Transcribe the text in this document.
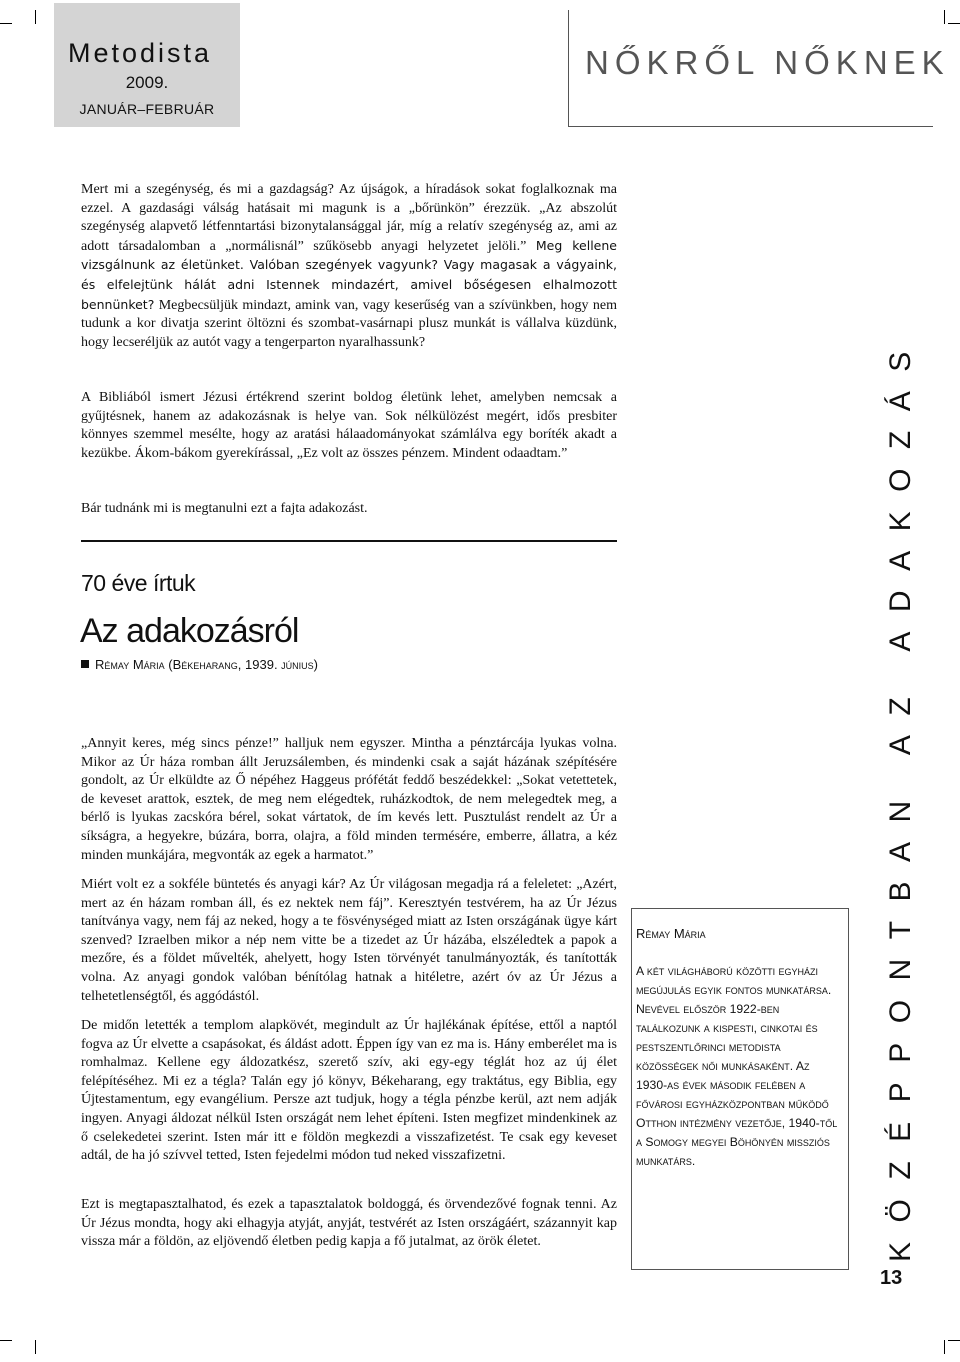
Metodista
2009.
JANUÁR–FEBRUÁR
NŐKRŐL NŐKNEK

Mert mi a szegénység, és mi a gazdagság? Az újságok, a híradások sokat foglalkoznak ma ezzel. A gazdasági válság hatásait mi magunk is a „bőrünkön” érezzük. „Az abszolút szegénység alapvető létfenntartási bizonytalansággal jár, míg a relatív szegénység az, ami az adott társadalomban a „normálisnál” szűkösebb anyagi helyzetet jelöli.” Meg kellene vizsgálnunk az életünket. Valóban szegények vagyunk? Vagy magasak a vágyaink, és elfelejtünk hálát adni Istennek mindazért, amivel bőségesen elhalmozott bennünket? Megbecsüljük mindazt, amink van, vagy keserűség van a szívünkben, hogy nem tudunk a kor divatja szerint öltözni és szombat-vasárnapi plusz munkát is vállalva küzdünk, hogy lecseréljük az autót vagy a tengerparton nyaralhassunk?

A Bibliából ismert Jézusi értékrend szerint boldog életünk lehet, amelyben nemcsak a gyűjtésnek, hanem az adakozásnak is helye van. Sok nélkülözést megért, idős presbiter könnyes szemmel mesélte, hogy az aratási hálaadományokat számlálva egy boríték akadt a kezükbe. Ákom-bákom gyerekírással, „Ez volt az összes pénzem. Mindent odaadtam.”

Bár tudnánk mi is megtanulni ezt a fajta adakozást.

70 éve írtuk
Az adakozásról
Rémay Mária (Békeharang, 1939. június)

„Annyit keres, még sincs pénze!” halljuk nem egyszer. Mintha a pénztárcája lyukas volna. Mikor az Úr háza romban állt Jeruzsálemben, és mindenki csak a saját házának szépítésére gondolt, az Úr elküldte az Ő népéhez Haggeus prófétát feddő beszédekkel: „Sokat vetettetek, de keveset arattok, esztek, de meg nem elégedtek, ruházkodtok, de nem melegedtek meg, a bérlő is lyukas zacskóra bérel, sokat vártatok, de ím kevés lett. Pusztulást rendelt az Úr a síkságra, a hegyekre, búzára, borra, olajra, a föld minden termésére, emberre, állatra, a kéz minden munkájára, megvonták az egek a harmatot.”

Miért volt ez a sokféle büntetés és anyagi kár? Az Úr világosan megadja rá a feleletet: „Azért, mert az én házam romban áll, és ez nektek nem fáj”. Keresztyén testvérem, ha az Úr Jézus tanítványa vagy, nem fáj az neked, hogy a te fösvénységed miatt az Isten országának ügye kárt szenved? Izraelben mikor a nép nem vitte be a tizedet az Úr házába, elszéledtek a papok a mezőre, és a földet művelték, ahelyett, hogy Isten törvényét tanulmányozták, és tanították volna. Az anyagi gondok valóban bénítólag hatnak a hitéletre, azért óv az Úr Jézus a telhetetlenségtől, és aggódástól.

De midőn letették a templom alapkövét, megindult az Úr hajlékának építése, ettől a naptól fogva az Úr elvette a csapásokat, és áldást adott. Éppen így van ez ma is. Hány emberélet ma is romhalmaz. Kellene egy áldozatkész, szerető szív, aki egy-egy téglát hoz az új élet felépítéséhez. Mi ez a tégla? Talán egy jó könyv, Békeharang, egy traktátus, egy Biblia, egy Újtestamentum, egy evangélium. Persze azt tudjuk, hogy a tégla pénzbe kerül, azt nem adják ingyen. Anyagi áldozat nélkül Isten országát nem lehet építeni. Isten megfizet mindenkinek az ő cselekedetei szerint. Isten már itt e földön megkezdi a visszafizetést. Te csak egy keveset adtál, de ha jó szívvel tetted, Isten fejedelmi módon tud neked visszafizetni.

Ezt is megtapasztalhatod, és ezek a tapasztalatok boldoggá, és örvendezővé fognak tenni. Az Úr Jézus mondta, hogy aki elhagyja atyját, anyját, testvérét az Isten országáért, százannyit kap vissza már a földön, az eljövendő életben pedig kapja a fő jutalmat, az örök életet.

Rémay Mária

A két világháború közötti egyházi megújulás egyik fontos munkatársa. Nevével először 1922-ben találkozunk a kispesti, cinkotai és pestszentlőrinci metodista közösségek női munkásaként. Az 1930-as évek második felében a fővárosi egyházközpontban működő Otthon intézmény vezetője, 1940-től a Somogy megyei Böhönyén missziós munkatárs.	KÖZÉPPONTBAN AZ ADAKOZÁS
13
